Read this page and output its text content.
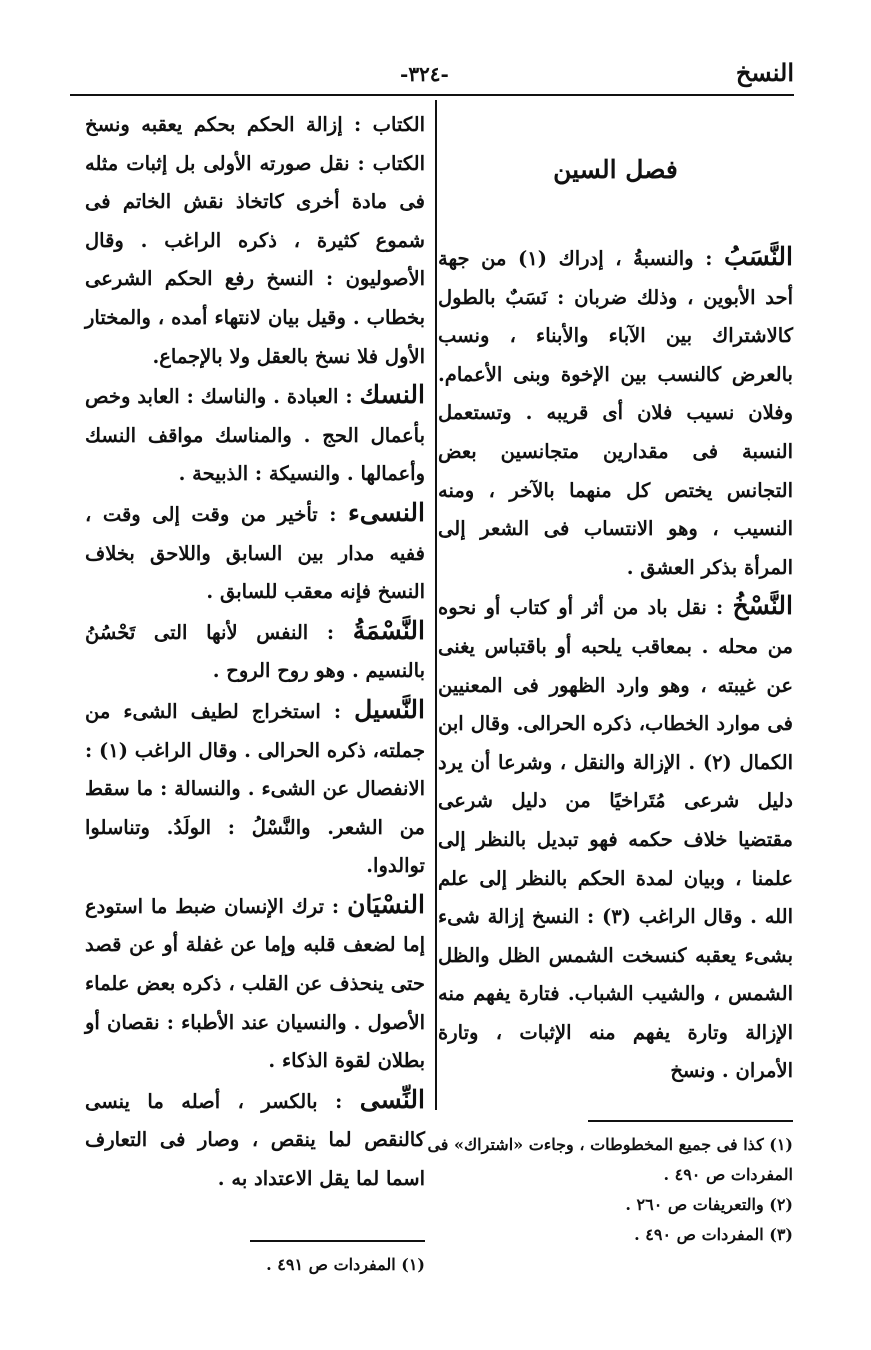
النسخ
-٣٢٤-
فصل السين

النَّسَبُ : والنسبةُ ، إدراك (١) من جهة أحد الأبوين ، وذلك ضربان : نَسَبٌ بالطول كالاشتراك بين الآباء والأبناء ، ونسب بالعرض كالنسب بين الإخوة وبنى الأعمام. وفلان نسيب فلان أى قريبه . وتستعمل النسبة فى مقدارين متجانسين بعض التجانس يختص كل منهما بالآخر ، ومنه النسيب ، وهو الانتساب فى الشعر إلى المرأة بذكر العشق .

النَّسْخُ : نقل باد من أثر أو كتاب أو نحوه من محله . بمعاقب يلحبه أو باقتباس يغنى عن غيبته ، وهو وارد الظهور فى المعنيين فى موارد الخطاب، ذكره الحرالى. وقال ابن الكمال (٢) . الإزالة والنقل ، وشرعا أن يرد دليل شرعى مُتَراخيًا من دليل شرعى مقتضيا خلاف حكمه فهو تبديل بالنظر إلى علمنا ، وبيان لمدة الحكم بالنظر إلى علم الله . وقال الراغب (٣) : النسخ إزالة شىء بشىء يعقبه كنسخت الشمس الظل والظل الشمس ، والشيب الشباب. فتارة يفهم منه الإزالة وتارة يفهم منه الإثبات ، وتارة الأمران . ونسخ

الكتاب : إزالة الحكم بحكم يعقبه ونسخ الكتاب : نقل صورته الأولى بل إثبات مثله فى مادة أخرى كاتخاذ نقش الخاتم فى شموع كثيرة ، ذكره الراغب . وقال الأصوليون : النسخ رفع الحكم الشرعى بخطاب . وقيل بيان لانتهاء أمده ، والمختار الأول فلا نسخ بالعقل ولا بالإجماع.

النسك : العبادة . والناسك : العابد وخص بأعمال الحج . والمناسك مواقف النسك وأعمالها . والنسيكة : الذبيحة .

النسىء : تأخير من وقت إلى وقت ، ففيه مدار بين السابق واللاحق بخلاف النسخ فإنه معقب للسابق .

النَّسْمَةُ : النفس لأنها التى تَحْسُنُ بالنسيم . وهو روح الروح .

النَّسيل : استخراج لطيف الشىء من جملته، ذكره الحرالى . وقال الراغب (١) : الانفصال عن الشىء . والنسالة : ما سقط من الشعر. والنَّسْلُ : الولَدُ. وتناسلوا توالدوا.

النسْيَان : ترك الإنسان ضبط ما استودع إما لضعف قلبه وإما عن غفلة أو عن قصد حتى ينحذف عن القلب ، ذكره بعض علماء الأصول . والنسيان عند الأطباء : نقصان أو بطلان لقوة الذكاء .

النِّسى : بالكسر ، أصله ما ينسى كالنقص لما ينقص ، وصار فى التعارف اسما لما يقل الاعتداد به .

(١) كذا فى جميع المخطوطات ، وجاءت «اشتراك» فى المفردات ص ٤٩٠ .

(٢) والتعريفات ص ٢٦٠ .

(٣) المفردات ص ٤٩٠ .

(١) المفردات ص ٤٩١ .
